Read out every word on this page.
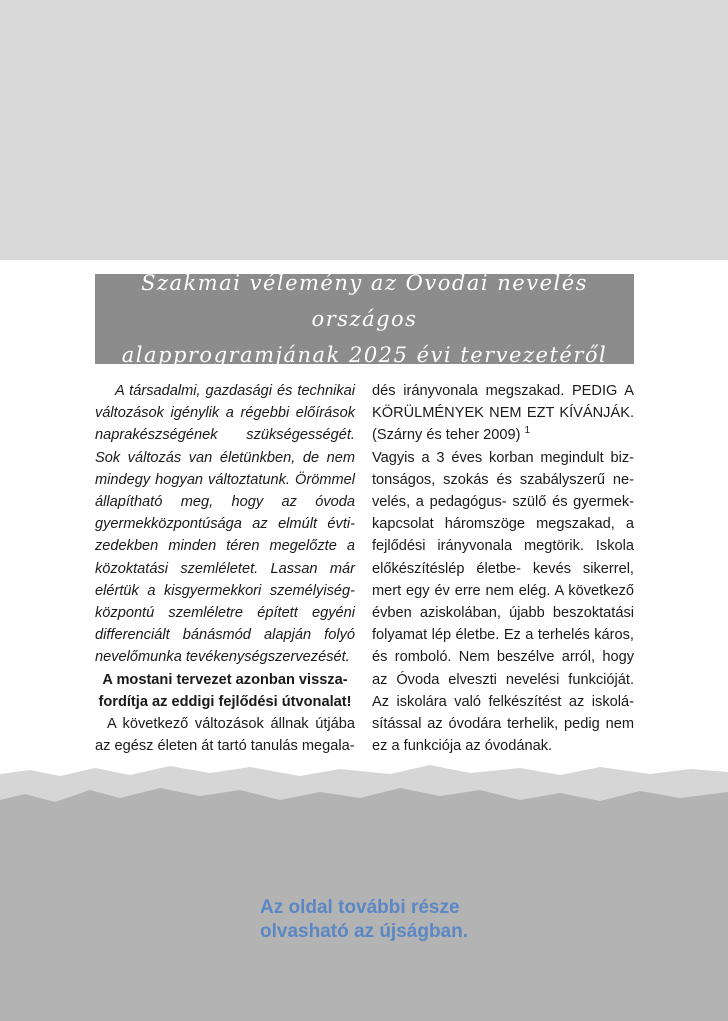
Szakmai vélemény az Óvodai nevelés országos
alapprogramjának 2025 évi tervezetéről

A társadalmi, gazdasági és technikai változások igénylik a régebbi előírások naprakészségének szükségességét. Sok változás van életünkben, de nem mindegy hogyan változtatunk. Örömmel állapítható meg, hogy az óvoda gyermekközpontúsága az elmúlt évtizedekben minden téren megelőzte a közoktatási szemléletet. Lassan már elértük a kisgyermekkori személyiségközpontú szemléletre épített egyéni differenciált bánásmód alapján folyó nevelőmunka tevékenységszervezését.

A mostani tervezet azonban vissza-

fordítja az eddigi fejlődési útvonalat!

A következő változások állnak útjába az egész életen át tartó tanulás megala-

dés irányvonala megszakad. PEDIG A KÖRÜLMÉNYEK NEM EZT KÍVÁNJÁK. (Szárny és teher 2009) $^1$

Vagyis a 3 éves korban megindult biztonságos, szokás és szabályszerű nevelés, a pedagógus- szülő és gyermekkapcsolat háromszöge megszakad, a fejlődési irányvonala megtörik. Iskola előkészítéslép életbe- kevés sikerrel, mert egy év erre nem elég. A következő évben aziskolában, újabb beszoktatási folyamat lép életbe. Ez a terhelés káros, és romboló. Nem beszélve arról, hogy az Óvoda elveszti nevelési funkcióját. Az iskolára való felkészítést az iskolásítással az óvodára terhelik, pedig nem ez a funkciója az óvodának.

Az oldal további része
olvasható az újságban.
